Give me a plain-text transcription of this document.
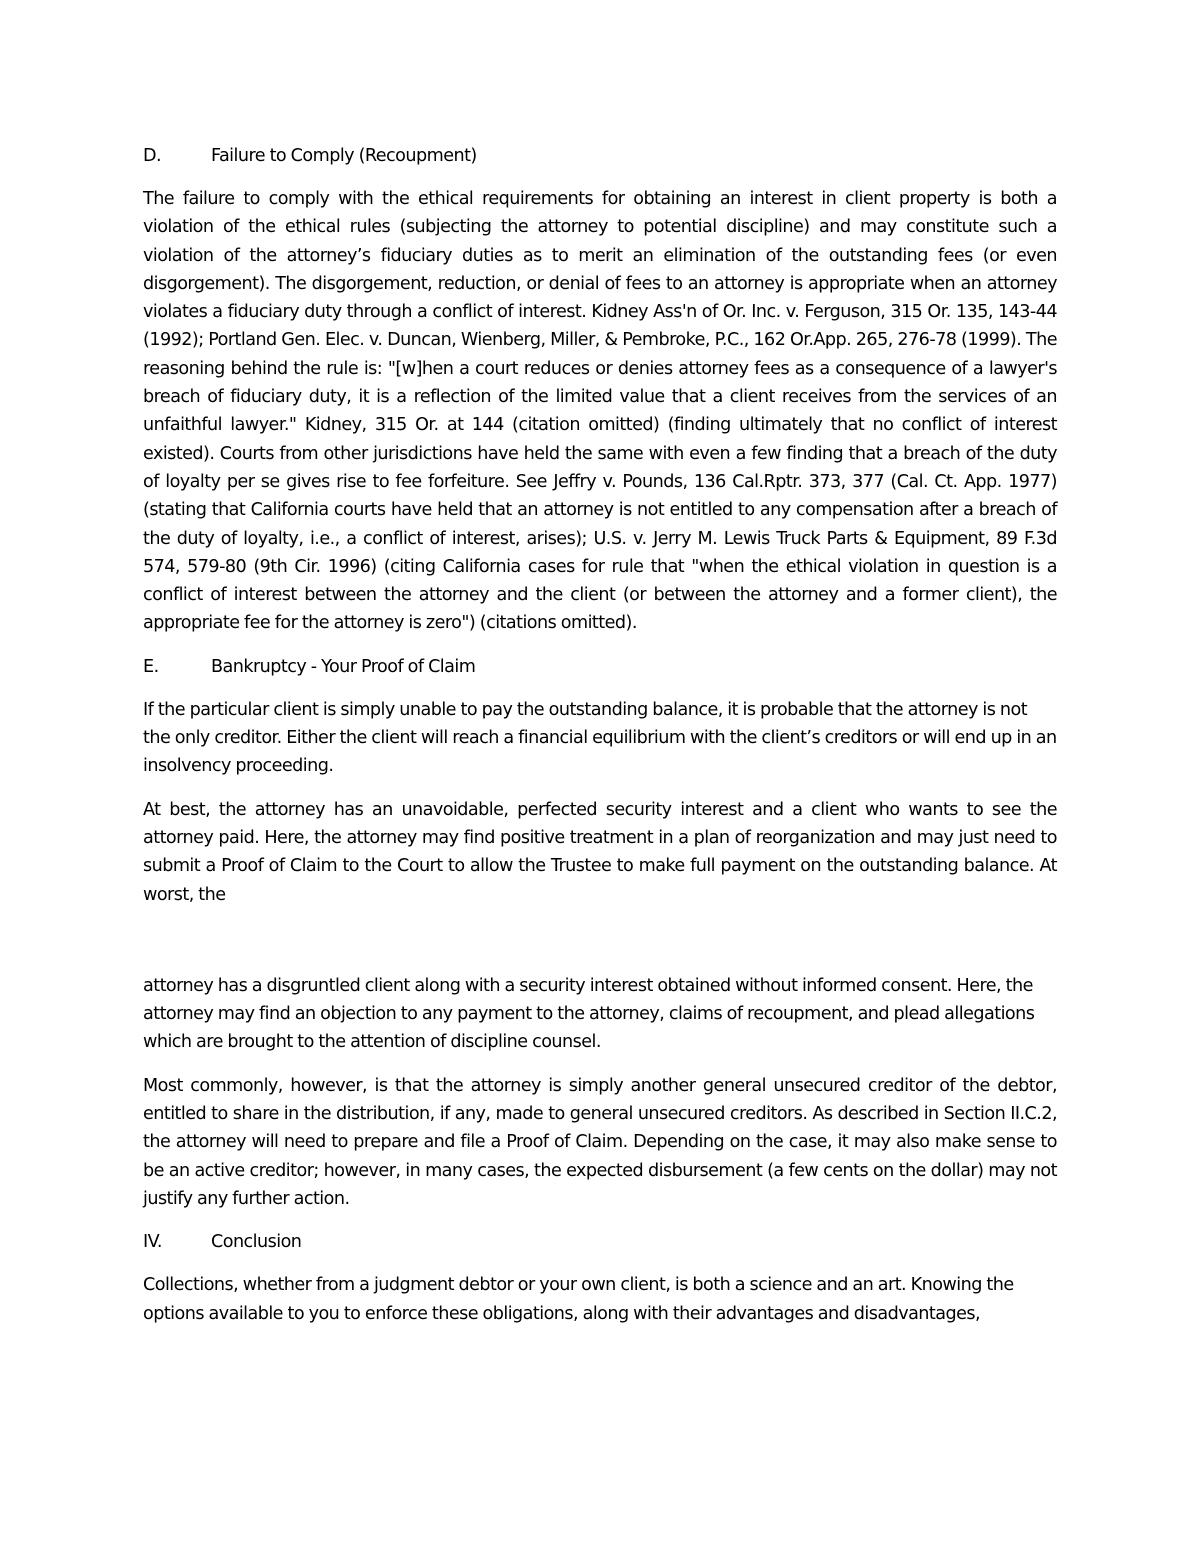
D.	Failure to Comply (Recoupment)

The failure to comply with the ethical requirements for obtaining an interest in client property is both a violation of the ethical rules (subjecting the attorney to potential discipline) and may constitute such a violation of the attorney’s fiduciary duties as to merit an elimination of the outstanding fees (or even disgorgement). The disgorgement, reduction, or denial of fees to an attorney is appropriate when an attorney violates a fiduciary duty through a conflict of interest. Kidney Ass'n of Or. Inc. v. Ferguson, 315 Or. 135, 143-44 (1992); Portland Gen. Elec. v. Duncan, Wienberg, Miller, & Pembroke, P.C., 162 Or.App. 265, 276-78 (1999). The reasoning behind the rule is: "[w]hen a court reduces or denies attorney fees as a consequence of a lawyer's breach of fiduciary duty, it is a reflection of the limited value that a client receives from the services of an unfaithful lawyer." Kidney, 315 Or. at 144 (citation omitted) (finding ultimately that no conflict of interest existed). Courts from other jurisdictions have held the same with even a few finding that a breach of the duty of loyalty per se gives rise to fee forfeiture. See Jeffry v. Pounds, 136 Cal.Rptr. 373, 377 (Cal. Ct. App. 1977) (stating that California courts have held that an attorney is not entitled to any compensation after a breach of the duty of loyalty, i.e., a conflict of interest, arises); U.S. v. Jerry M. Lewis Truck Parts & Equipment, 89 F.3d 574, 579-80 (9th Cir. 1996) (citing California cases for rule that "when the ethical violation in question is a conflict of interest between the attorney and the client (or between the attorney and a former client), the appropriate fee for the attorney is zero") (citations omitted).

E.	Bankruptcy - Your Proof of Claim

If the particular client is simply unable to pay the outstanding balance, it is probable that the attorney is not the only creditor. Either the client will reach a financial equilibrium with the client’s creditors or will end up in an insolvency proceeding.

At best, the attorney has an unavoidable, perfected security interest and a client who wants to see the attorney paid. Here, the attorney may find positive treatment in a plan of reorganization and may just need to submit a Proof of Claim to the Court to allow the Trustee to make full payment on the outstanding balance. At worst, the

attorney has a disgruntled client along with a security interest obtained without informed consent. Here, the attorney may find an objection to any payment to the attorney, claims of recoupment, and plead allegations which are brought to the attention of discipline counsel.

Most commonly, however, is that the attorney is simply another general unsecured creditor of the debtor, entitled to share in the distribution, if any, made to general unsecured creditors. As described in Section II.C.2, the attorney will need to prepare and file a Proof of Claim. Depending on the case, it may also make sense to be an active creditor; however, in many cases, the expected disbursement (a few cents on the dollar) may not justify any further action.

IV.	Conclusion

Collections, whether from a judgment debtor or your own client, is both a science and an art. Knowing the options available to you to enforce these obligations, along with their advantages and disadvantages,
